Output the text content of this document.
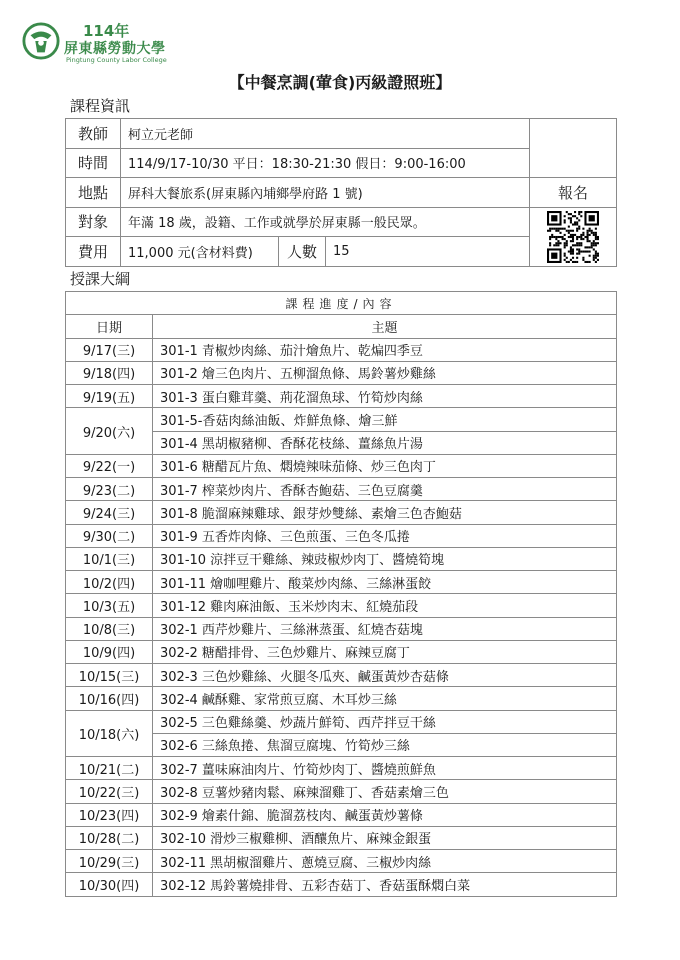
114年
屏東縣勞動大學
Pingtung County Labor College
【中餐烹調(葷食)丙級證照班】
課程資訊
教師	柯立元老師			
時間	114/9/17-10/30 平日：18:30-21:30 假日：9:00-16:00			
地點	屏科大餐旅系(屏東縣內埔鄉學府路 1 號)			報名
對象	年滿 18 歲，設籍、工作或就學於屏東縣一般民眾。	

費用	11,000 元(含材料費)	人數	15	
授課大綱
課程進度/內容	
日期	主題
9/17(三)	301-1 青椒炒肉絲、茄汁燴魚片、乾煸四季豆
9/18(四)	301-2 燴三色肉片、五柳溜魚條、馬鈴薯炒雞絲
9/19(五)	301-3 蛋白雞茸羹、荊花溜魚球、竹筍炒肉絲
9/20(六)	301-5-香菇肉絲油飯、炸鮮魚條、燴三鮮
	301-4 黑胡椒豬柳、香酥花枝絲、薑絲魚片湯
9/22(一)	301-6 糖醋瓦片魚、燜燒辣味茄條、炒三色肉丁
9/23(二)	301-7 榨菜炒肉片、香酥杏鮑菇、三色豆腐羹
9/24(三)	301-8 脆溜麻辣雞球、銀芽炒雙絲、素燴三色杏鮑菇
9/30(二)	301-9 五香炸肉條、三色煎蛋、三色冬瓜捲
10/1(三)	301-10 涼拌豆干雞絲、辣豉椒炒肉丁、醬燒筍塊
10/2(四)	301-11 燴咖哩雞片、酸菜炒肉絲、三絲淋蛋餃
10/3(五)	301-12 雞肉麻油飯、玉米炒肉末、紅燒茄段
10/8(三)	302-1 西芹炒雞片、三絲淋蒸蛋、紅燒杏菇塊
10/9(四)	302-2 糖醋排骨、三色炒雞片、麻辣豆腐丁
10/15(三)	302-3 三色炒雞絲、火腿冬瓜夾、鹹蛋黃炒杏菇條
10/16(四)	302-4 鹹酥雞、家常煎豆腐、木耳炒三絲
10/18(六)	302-5 三色雞絲羹、炒蔬片鮮筍、西芹拌豆干絲
	302-6 三絲魚捲、焦溜豆腐塊、竹筍炒三絲
10/21(二)	302-7 薑味麻油肉片、竹筍炒肉丁、醬燒煎鮮魚
10/22(三)	302-8 豆薯炒豬肉鬆、麻辣溜雞丁、香菇素燴三色
10/23(四)	302-9 燴素什錦、脆溜荔枝肉、鹹蛋黃炒薯條
10/28(二)	302-10 滑炒三椒雞柳、酒釀魚片、麻辣金銀蛋
10/29(三)	302-11 黑胡椒溜雞片、蔥燒豆腐、三椒炒肉絲
10/30(四)	302-12 馬鈴薯燒排骨、五彩杏菇丁、香菇蛋酥燜白菜
